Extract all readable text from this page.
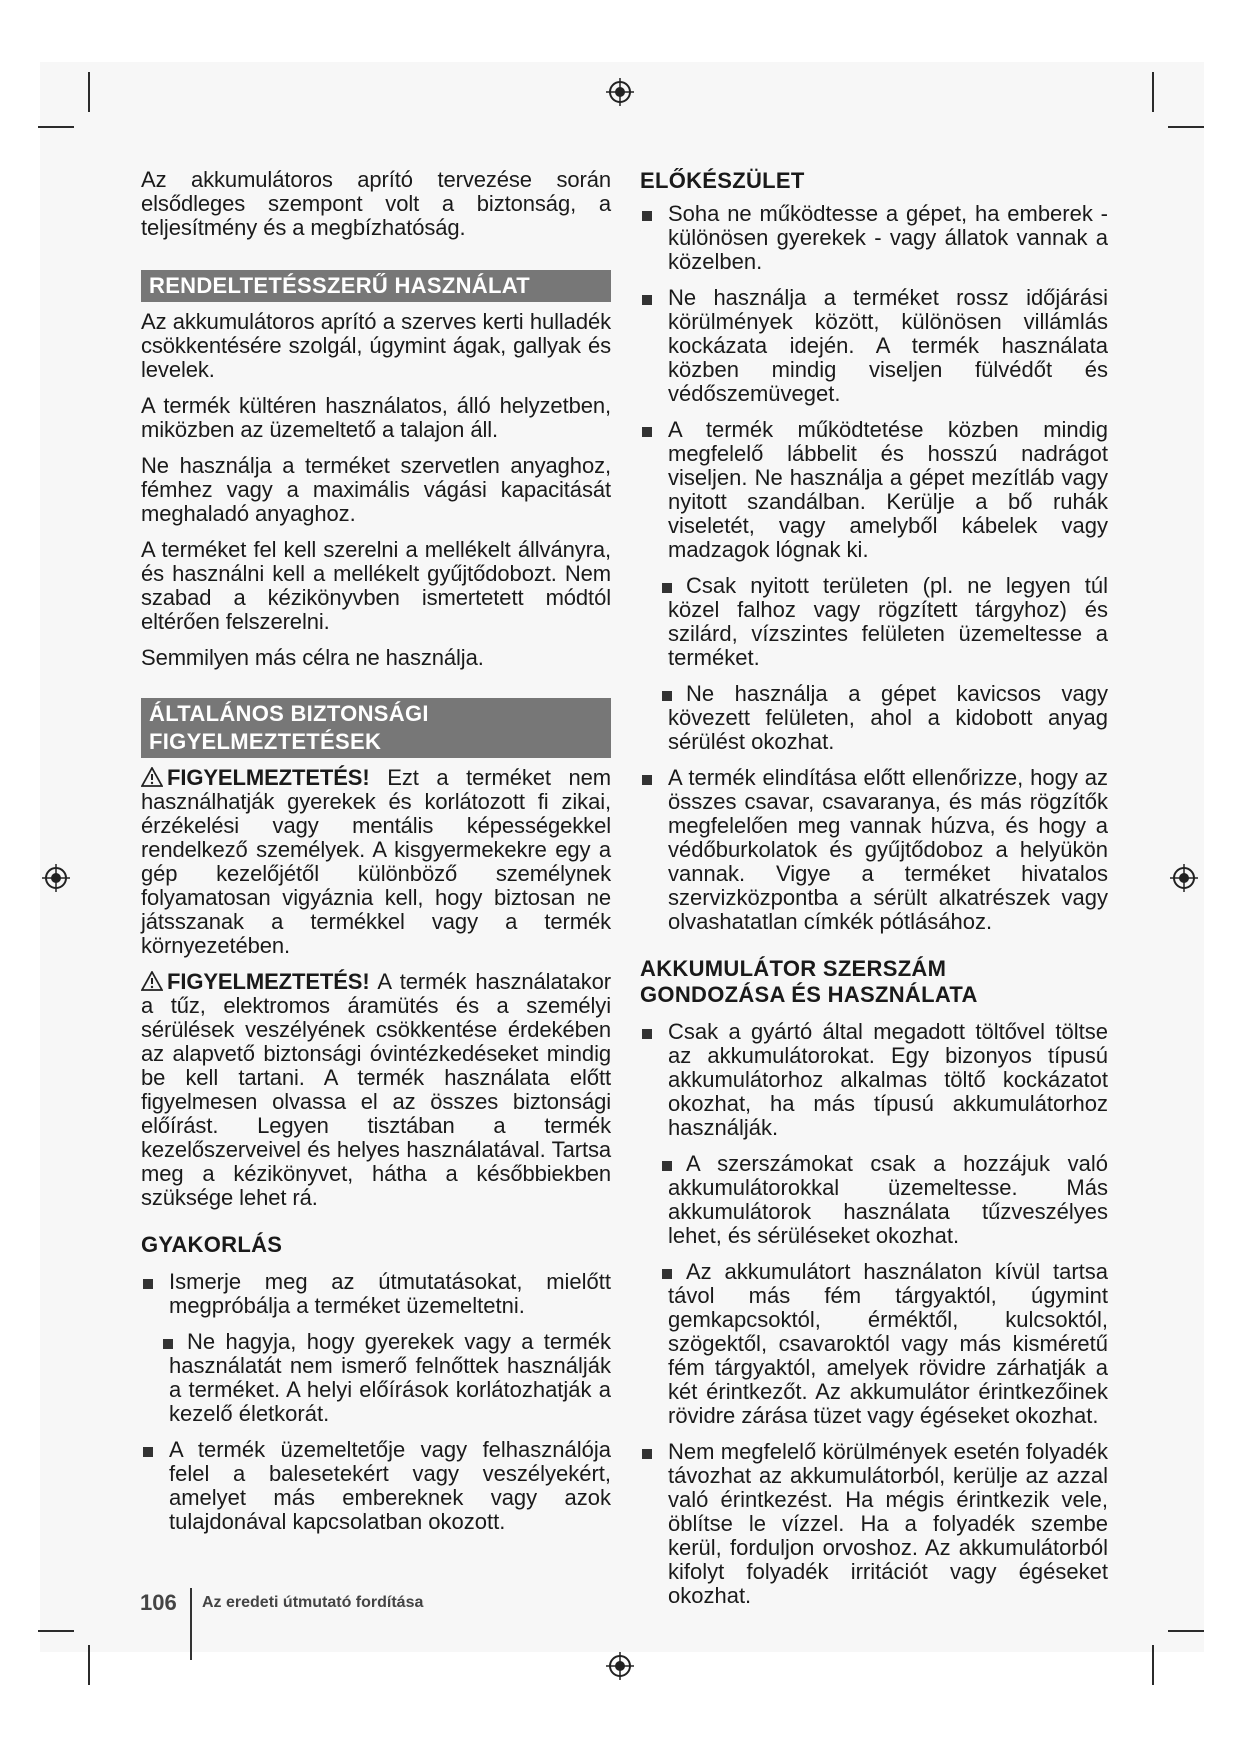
Az akkumulátoros aprító tervezése során elsődleges szempont volt a biztonság, a teljesítmény és a megbízhatóság.

RENDELTETÉSSZERŰ HASZNÁLAT

Az akkumulátoros aprító a szerves kerti hulladék csökkentésére szolgál, úgymint ágak, gallyak és levelek.

A termék kültéren használatos, álló helyzetben, miközben az üzemeltető a talajon áll.

Ne használja a terméket szervetlen anyaghoz, fémhez vagy a maximális vágási kapacitását meghaladó anyaghoz.

A terméket fel kell szerelni a mellékelt állványra, és használni kell a mellékelt gyűjtődobozt. Nem szabad a kézikönyvben ismertetett módtól eltérően felszerelni.

Semmilyen más célra ne használja.

ÁLTALÁNOS BIZTONSÁGI
FIGYELMEZTETÉSEK

FIGYELMEZTETÉS! Ezt a terméket nem használhatják gyerekek és korlátozott fi zikai, érzékelési vagy mentális képességekkel rendelkező személyek. A kisgyermekekre egy a gép kezelőjétől különböző személynek folyamatosan vigyáznia kell, hogy biztosan ne játsszanak a termékkel vagy a termék környezetében.

FIGYELMEZTETÉS! A termék használatakor a tűz, elektromos áramütés és a személyi sérülések veszélyének csökkentése érdekében az alapvető biztonsági óvintézkedéseket mindig be kell tartani. A termék használata előtt figyelmesen olvassa el az összes biztonsági előírást. Legyen tisztában a termék kezelőszerveivel és helyes használatával. Tartsa meg a kézikönyvet, hátha a későbbiekben szüksége lehet rá.

GYAKORLÁS
Ismerje meg az útmutatásokat, mielőtt megpróbálja a terméket üzemeltetni.
Ne hagyja, hogy gyerekek vagy a termék használatát nem ismerő felnőttek használják a terméket. A helyi előírások korlátozhatják a kezelő életkorát.
A termék üzemeltetője vagy felhasználója felel a balesetekért vagy veszélyekért, amelyet más embereknek vagy azok tulajdonával kapcsolatban okozott.
ELŐKÉSZÜLET
Soha ne működtesse a gépet, ha emberek - különösen gyerekek - vagy állatok vannak a közelben.
Ne használja a terméket rossz időjárási körülmények között, különösen villámlás kockázata idején. A termék használata közben mindig viseljen fülvédőt és védőszemüveget.
A termék működtetése közben mindig megfelelő lábbelit és hosszú nadrágot viseljen. Ne használja a gépet mezítláb vagy nyitott szandálban. Kerülje a bő ruhák viseletét, vagy amelyből kábelek vagy madzagok lógnak ki.
Csak nyitott területen (pl. ne legyen túl közel falhoz vagy rögzített tárgyhoz) és szilárd, vízszintes felületen üzemeltesse a terméket.
Ne használja a gépet kavicsos vagy kövezett felületen, ahol a kidobott anyag sérülést okozhat.
A termék elindítása előtt ellenőrizze, hogy az összes csavar, csavaranya, és más rögzítők megfelelően meg vannak húzva, és hogy a védőburkolatok és gyűjtődoboz a helyükön vannak. Vigye a terméket hivatalos szervizközpontba a sérült alkatrészek vagy olvashatatlan címkék pótlásához.
AKKUMULÁTOR SZERSZÁM
GONDOZÁSA ÉS HASZNÁLATA
Csak a gyártó által megadott töltővel töltse az akkumulátorokat. Egy bizonyos típusú akkumulátorhoz alkalmas töltő kockázatot okozhat, ha más típusú akkumulátorhoz használják.
A szerszámokat csak a hozzájuk való akkumulátorokkal üzemeltesse. Más akkumulátorok használata tűzveszélyes lehet, és sérüléseket okozhat.
Az akkumulátort használaton kívül tartsa távol más fém tárgyaktól, úgymint gemkapcsoktól, érméktől, kulcsoktól, szögektől, csavaroktól vagy más kisméretű fém tárgyaktól, amelyek rövidre zárhatják a két érintkezőt. Az akkumulátor érintkezőinek rövidre zárása tüzet vagy égéseket okozhat.
Nem megfelelő körülmények esetén folyadék távozhat az akkumulátorból, kerülje az azzal való érintkezést. Ha mégis érintkezik vele, öblítse le vízzel. Ha a folyadék szembe kerül, forduljon orvoshoz. Az akkumulátorból kifolyt folyadék irritációt vagy égéseket okozhat.
106 Az eredeti útmutató fordítása
